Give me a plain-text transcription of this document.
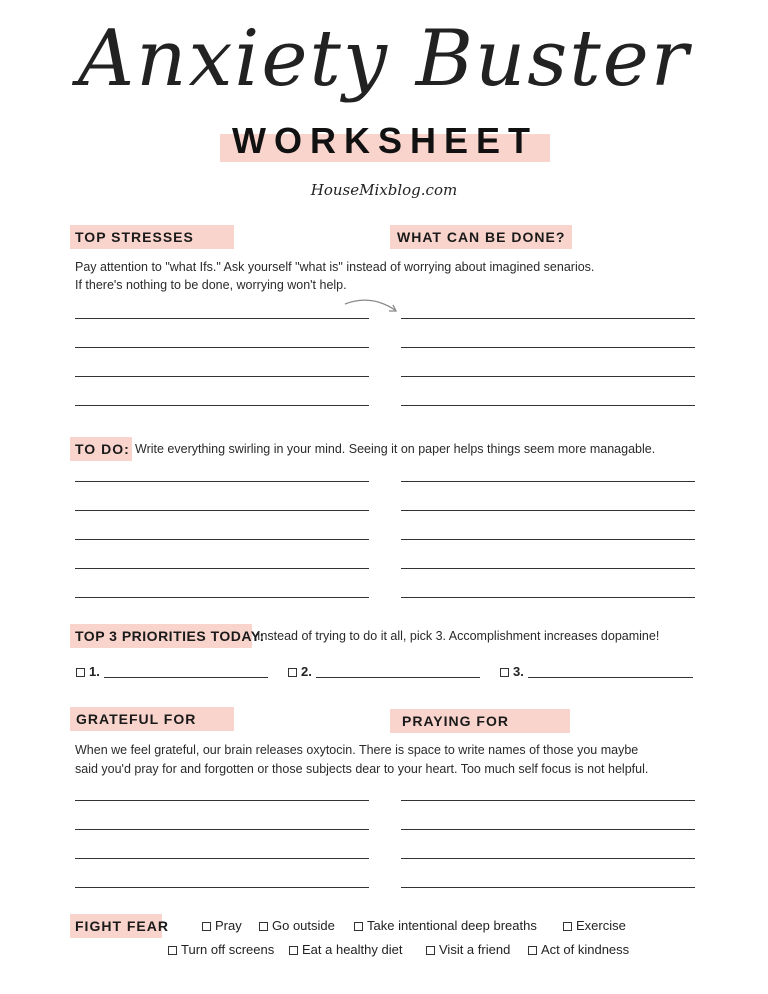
Anxiety Buster
WORKSHEET
HouseMixblog.com
TOP STRESSES	WHAT CAN BE DONE?
Pay attention to "what Ifs." Ask yourself "what is" instead of worrying about imagined senarios.
If there's nothing to be done, worrying won't help.
TO DO: Write everything swirling in your mind. Seeing it on paper helps things seem more managable.
TOP 3 PRIORITIES TODAY:
Instead of trying to do it all, pick 3. Accomplishment increases dopamine!
1.	2.	3.
GRATEFUL FOR	PRAYING FOR
When we feel grateful, our brain releases oxytocin. There is space to write names of those you maybe
said you'd pray for and forgotten or those subjects dear to your heart. Too much self focus is not helpful.
FIGHT FEAR	Pray	Go outside	Take intentional deep breaths	Exercise
Turn off screens	Eat a healthy diet	Visit a friend	Act of kindness
